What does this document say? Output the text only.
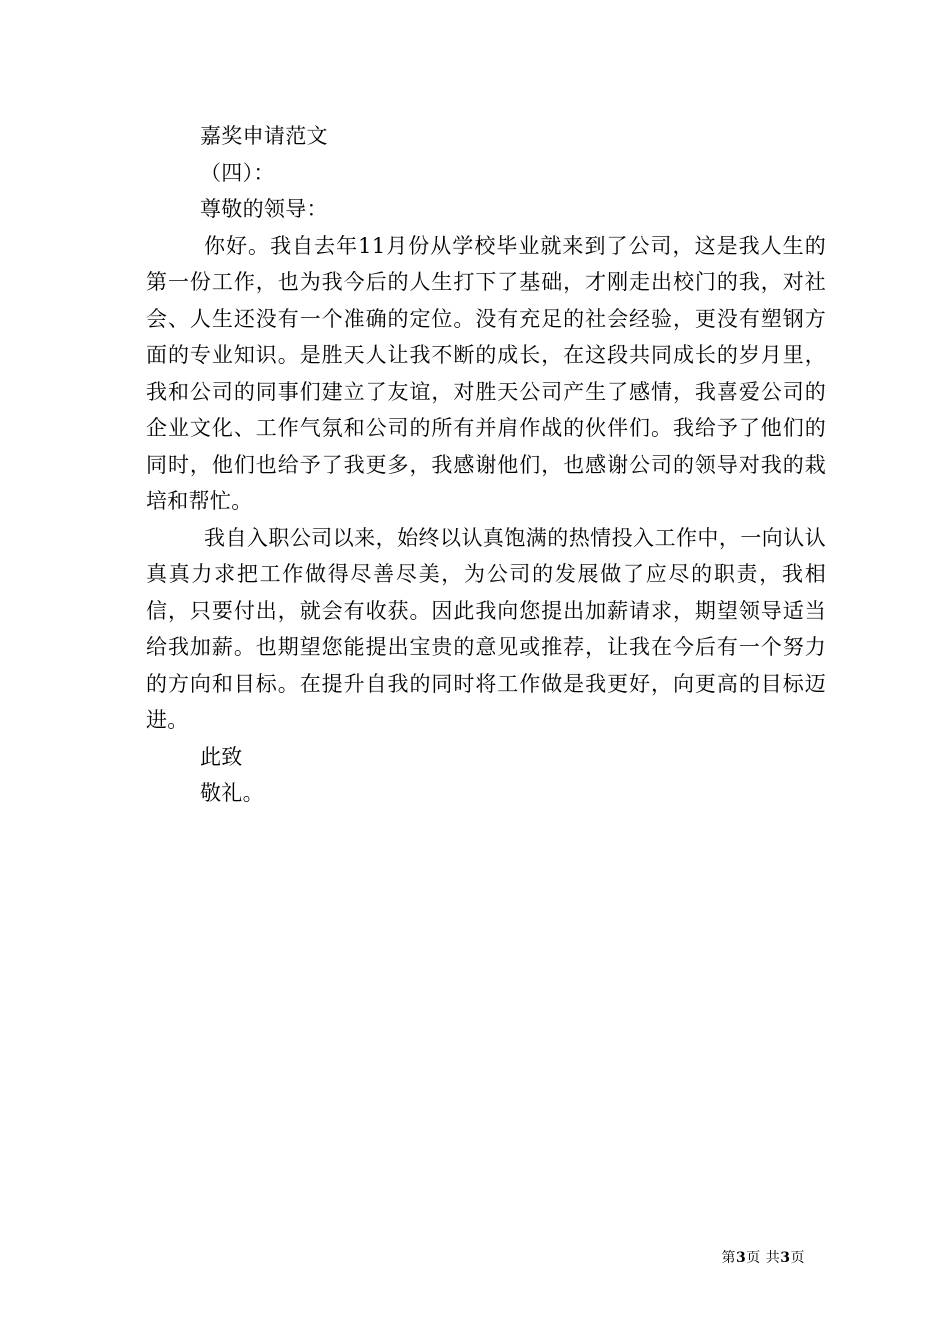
嘉奖申请范文

（四）：

尊敬的领导：

你好。我自去年11月份从学校毕业就来到了公司，这是我人生的第一份工作，也为我今后的人生打下了基础，才刚走出校门的我，对社会、人生还没有一个准确的定位。没有充足的社会经验，更没有塑钢方面的专业知识。是胜天人让我不断的成长，在这段共同成长的岁月里，我和公司的同事们建立了友谊，对胜天公司产生了感情，我喜爱公司的企业文化、工作气氛和公司的所有并肩作战的伙伴们。我给予了他们的同时，他们也给予了我更多，我感谢他们，也感谢公司的领导对我的栽培和帮忙。

我自入职公司以来，始终以认真饱满的热情投入工作中，一向认认真真力求把工作做得尽善尽美，为公司的发展做了应尽的职责，我相信，只要付出，就会有收获。因此我向您提出加薪请求，期望领导适当给我加薪。也期望您能提出宝贵的意见或推荐，让我在今后有一个努力的方向和目标。在提升自我的同时将工作做是我更好，向更高的目标迈进。

此致

敬礼。

第3页 共3页
